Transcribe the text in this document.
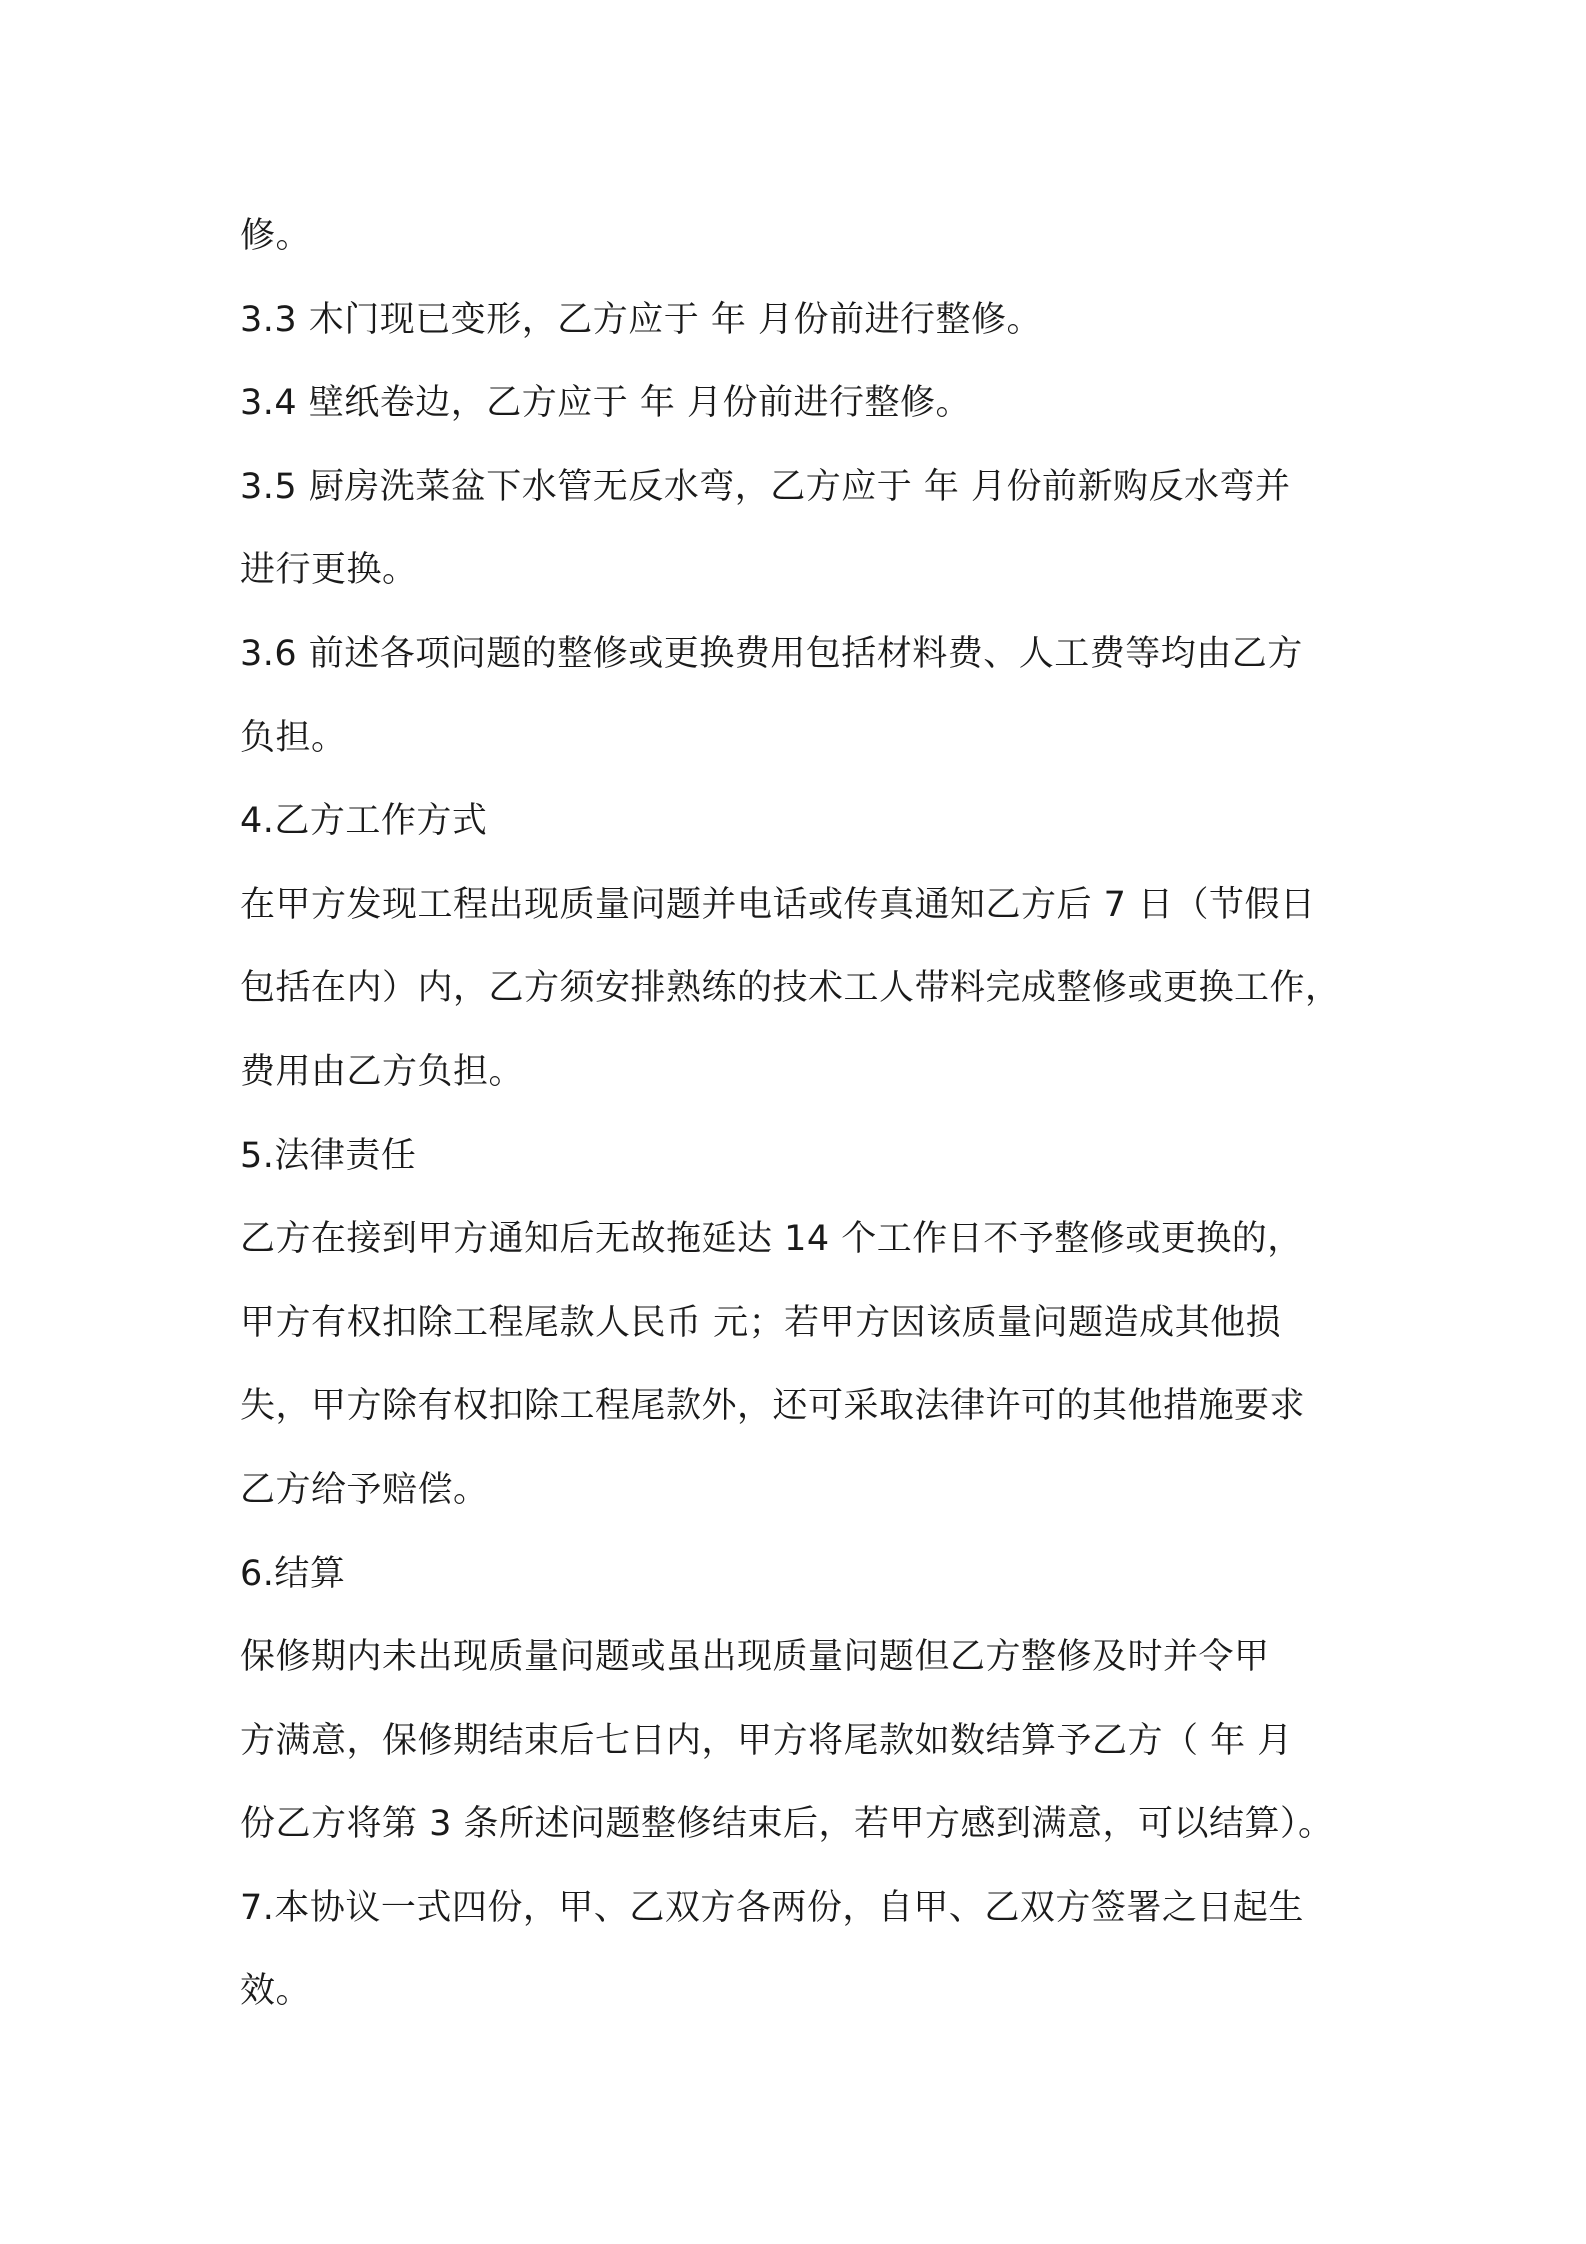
修。
3.3 木门现已变形，乙方应于 年 月份前进行整修。
3.4 壁纸卷边，乙方应于 年 月份前进行整修。
3.5 厨房洗菜盆下水管无反水弯，乙方应于 年 月份前新购反水弯并
进行更换。
3.6 前述各项问题的整修或更换费用包括材料费、人工费等均由乙方
负担。
4.乙方工作方式
在甲方发现工程出现质量问题并电话或传真通知乙方后 7 日（节假日
包括在内）内，乙方须安排熟练的技术工人带料完成整修或更换工作，
费用由乙方负担。
5.法律责任
乙方在接到甲方通知后无故拖延达 14 个工作日不予整修或更换的，
甲方有权扣除工程尾款人民币 元；若甲方因该质量问题造成其他损
失，甲方除有权扣除工程尾款外，还可采取法律许可的其他措施要求
乙方给予赔偿。
6.结算
保修期内未出现质量问题或虽出现质量问题但乙方整修及时并令甲
方满意，保修期结束后七日内，甲方将尾款如数结算予乙方（ 年 月
份乙方将第 3 条所述问题整修结束后，若甲方感到满意，可以结算）。
7.本协议一式四份，甲、乙双方各两份，自甲、乙双方签署之日起生
效。
